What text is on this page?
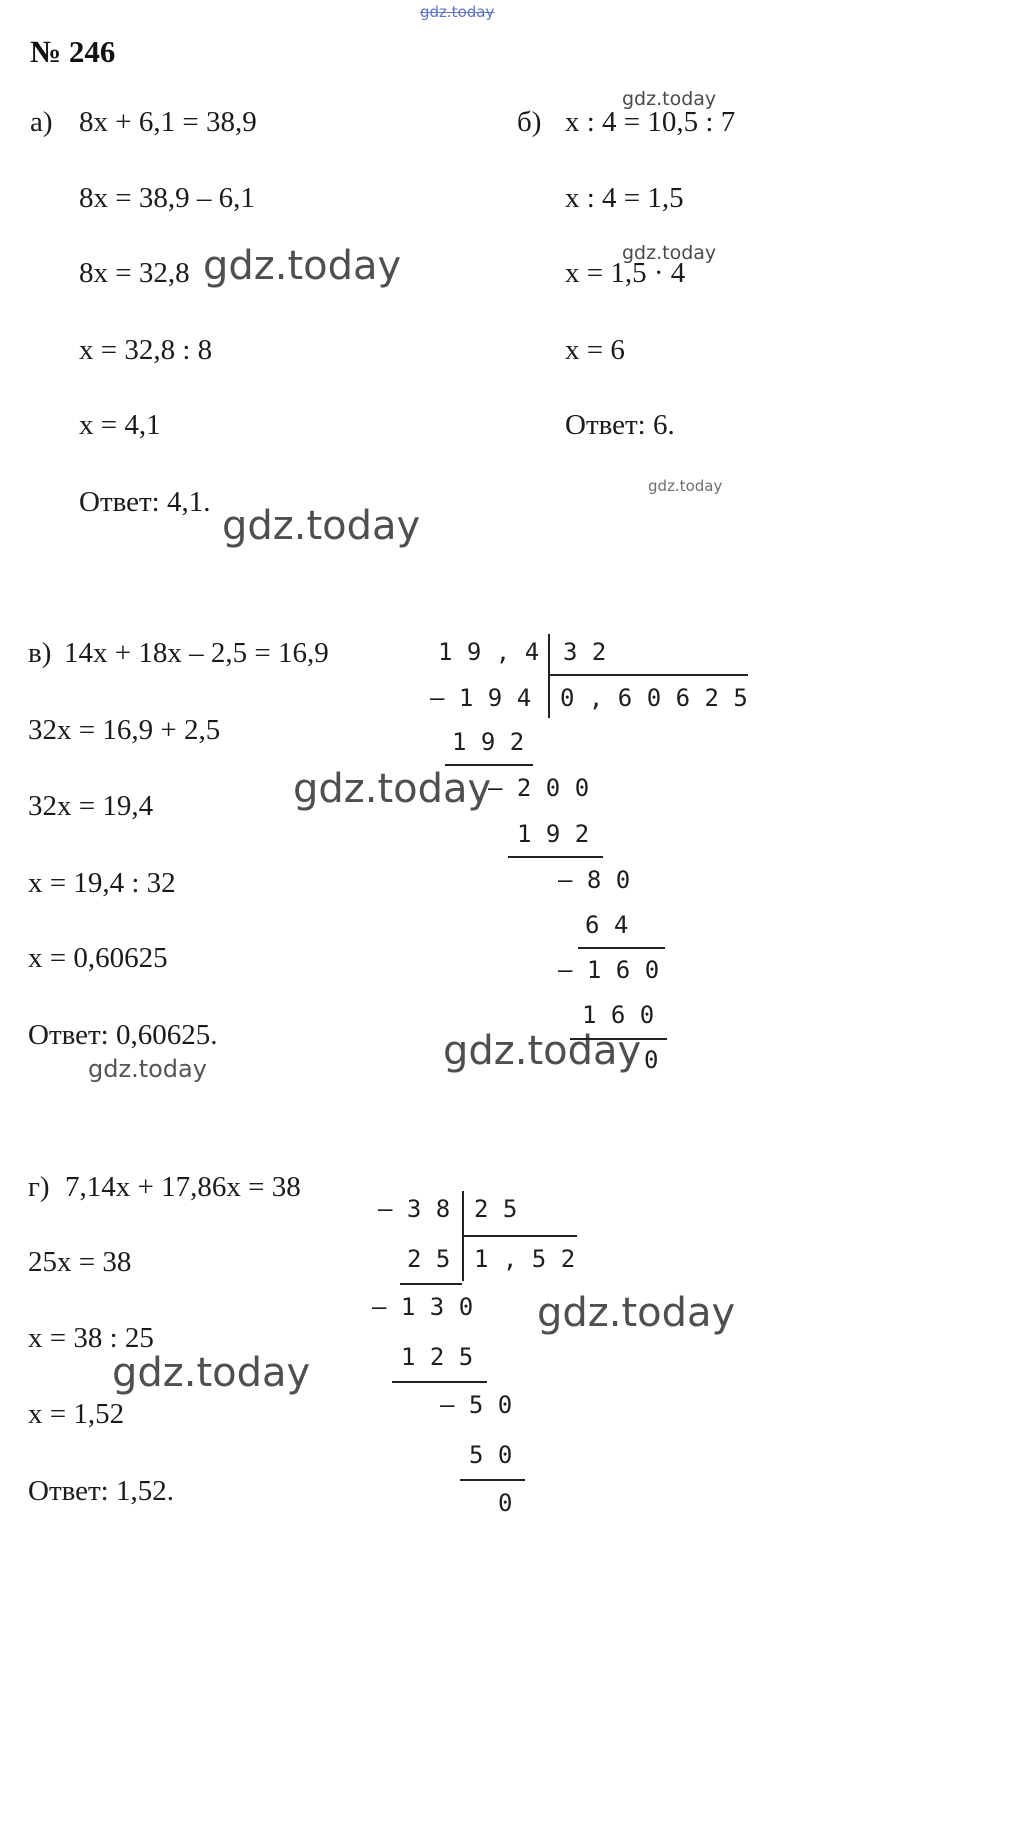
gdz.today
gdz.today
gdz.today	gdz.today
gdz.today
gdz.today
gdz.today
gdz.today
gdz.today
gdz.today
gdz.today
№ 246
а) 8х + 6,1 = 38,9
8х = 38,9 – 6,1
8х = 32,8
х = 32,8 : 8
х = 4,1
Ответ: 4,1.
б) х : 4 = 10,5 : 7
х : 4 = 1,5
х = 1,5 · 4
х = 6
Ответ: 6.
в) 14х + 18х – 2,5 = 16,9
32х = 16,9 + 2,5
32х = 19,4
х = 19,4 : 32
х = 0,60625
Ответ: 0,60625.
1 9 , 4 3 2
– 1 9 4 0 , 6 0 6 2 5
1 9 2
– 2 0 0
1 9 2
– 8 0
6 4
– 1 6 0
1 6 0
0
г) 7,14х + 17,86х = 38
25х = 38
х = 38 : 25
х = 1,52
Ответ: 1,52.
– 3 8 2 5
2 5 1 , 5 2
– 1 3 0
1 2 5
– 5 0
5 0
0
